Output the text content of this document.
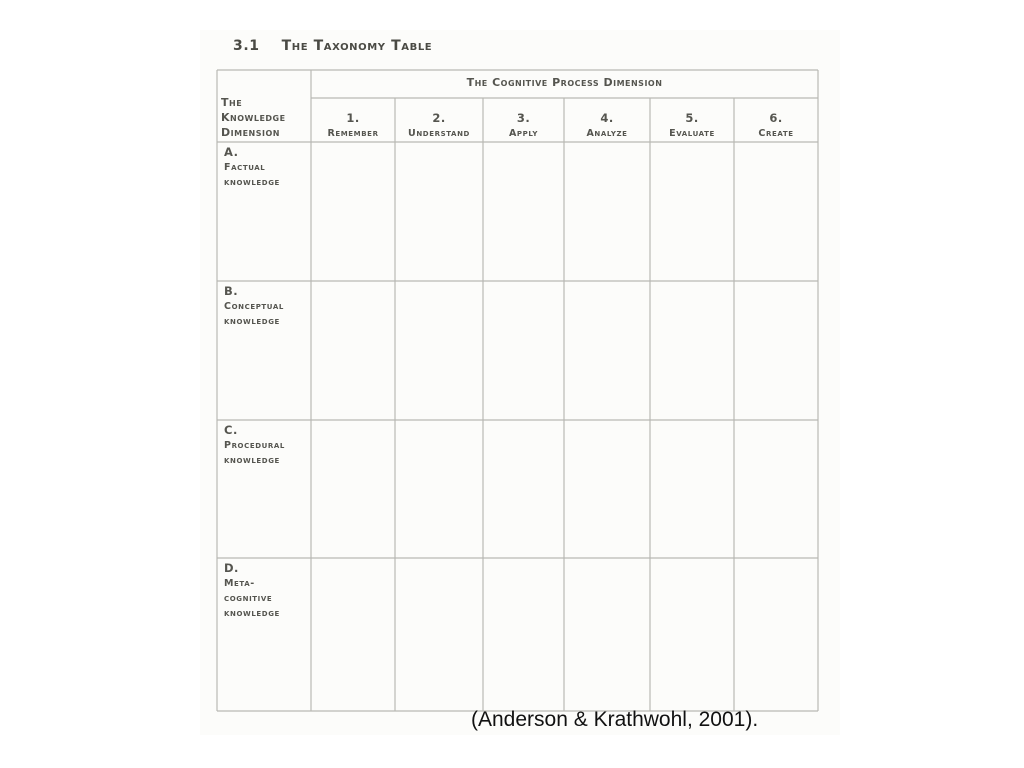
3.1 The Taxonomy Table
The Cognitive Process Dimension
The
Knowledge
Dimension
1.
Remember
2.
Understand
3.
Apply
4.
Analyze
5.
Evaluate
6.
Create
A.
Factual
knowledge
B.
Conceptual
knowledge
C.
Procedural
knowledge
D.
Meta-
cognitive
knowledge
(Anderson & Krathwohl, 2001).
